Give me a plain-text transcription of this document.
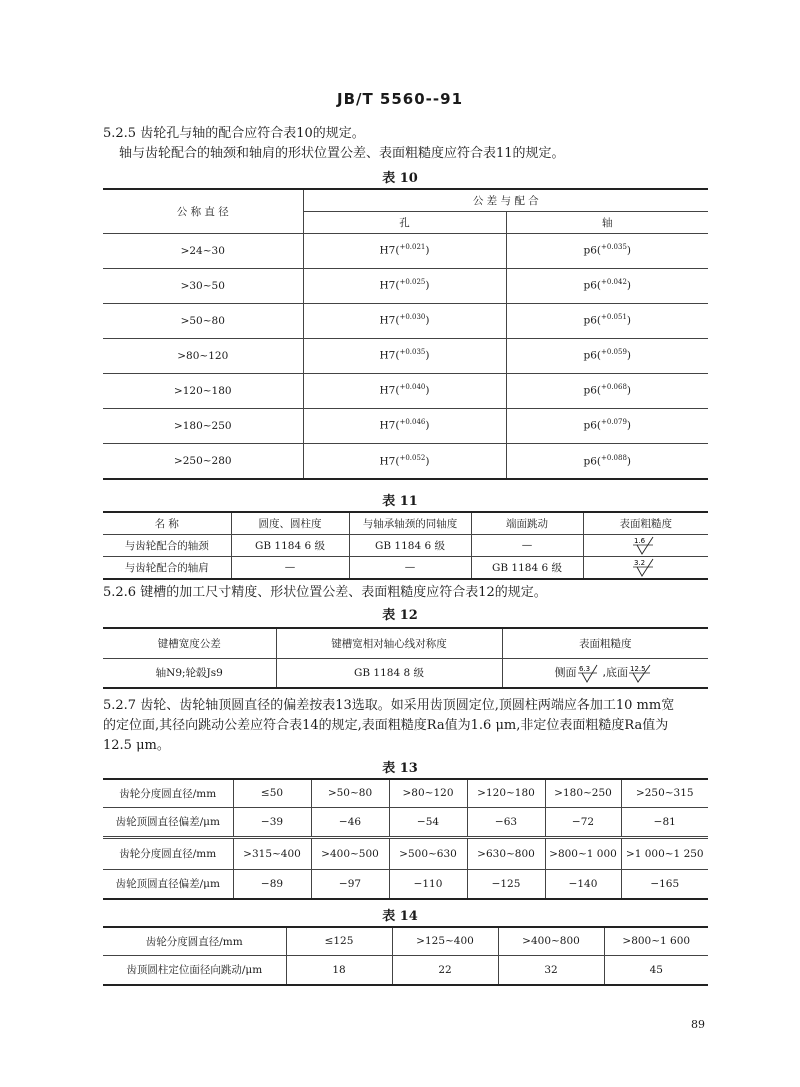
JB/T 5560--91
5.2.5 齿轮孔与轴的配合应符合表10的规定。
轴与齿轮配合的轴颈和轴肩的形状位置公差、表面粗糙度应符合表11的规定。
表 10
公 称 直 径	公 差 与 配 合	
	孔	轴
>24~30	H7($^{+0.021}$)	p6($^{+0.035}$)
>30~50	H7($^{+0.025}$)	p6($^{+0.042}$)
>50~80	H7($^{+0.030}$)	p6($^{+0.051}$)
>80~120	H7($^{+0.035}$)	p6($^{+0.059}$)
>120~180	H7($^{+0.040}$)	p6($^{+0.068}$)
>180~250	H7($^{+0.046}$)	p6($^{+0.079}$)
>250~280	H7($^{+0.052}$)	p6($^{+0.088}$)
表 11
名 称	圆度、圆柱度	与轴承轴颈的同轴度	端面跳动	表面粗糙度
与齿轮配合的轴颈	GB 1184 6 级	GB 1184 6 级	—	1.6

与齿轮配合的轴肩	—	—	GB 1184 6 级	3.2
5.2.6 键槽的加工尺寸精度、形状位置公差、表面粗糙度应符合表12的规定。
表 12
键槽宽度公差	键槽宽相对轴心线对称度	表面粗糙度
轴N9;轮毂Js9	GB 1184 8 级	侧面 6.3 ,底面 12.5
5.2.7 齿轮、齿轮轴顶圆直径的偏差按表13选取。如采用齿顶圆定位,顶圆柱两端应各加工10 mm宽
的定位面,其径向跳动公差应符合表14的规定,表面粗糙度Ra值为1.6 μm,非定位表面粗糙度Ra值为
12.5 μm。
表 13
齿轮分度圆直径/mm	≤50	>50~80	>80~120	>120~180	>180~250	>250~315
齿轮顶圆直径偏差/μm	−39	−46	−54	−63	−72	−81
齿轮分度圆直径/mm	>315~400	>400~500	>500~630	>630~800	>800~1 000	>1 000~1 250
齿轮顶圆直径偏差/μm	−89	−97	−110	−125	−140	−165
表 14
齿轮分度圆直径/mm	≤125	>125~400	>400~800	>800~1 600
齿顶圆柱定位面径向跳动/μm	18	22	32	45
89
